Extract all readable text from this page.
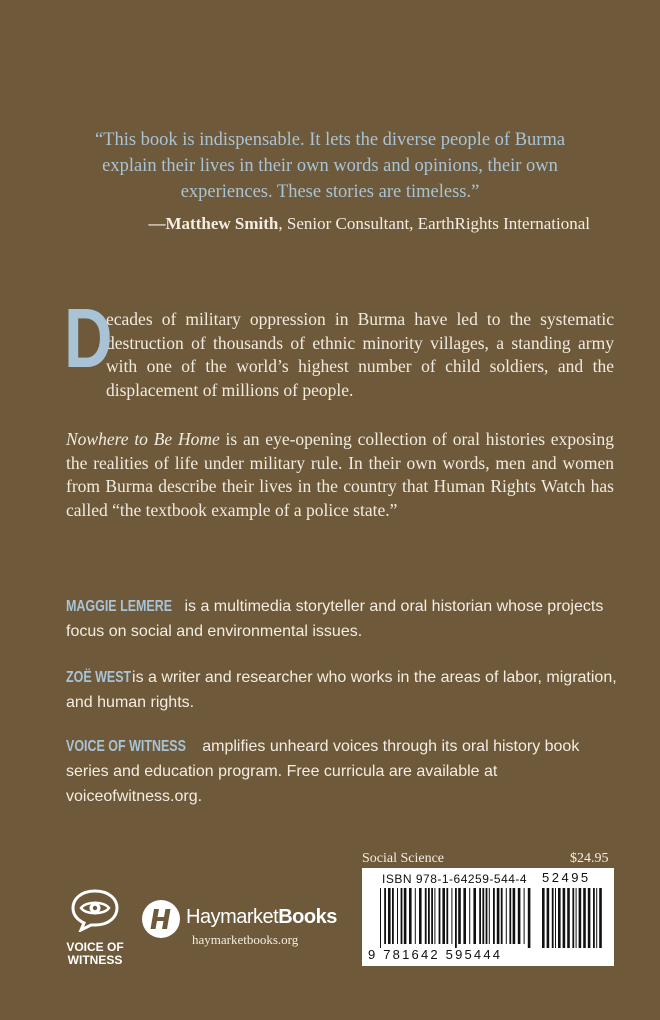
“This book is indispensable. It lets the diverse people of Burma explain their lives in their own words and opinions, their own experiences. These stories are timeless.”
—Matthew Smith, Senior Consultant, EarthRights International
D
ecades of military oppression in Burma have led to the systematic destruction of thousands of ethnic minority villages, a standing army with one of the world’s highest number of child soldiers, and the displacement of millions of people.
Nowhere to Be Home is an eye-opening collection of oral histories exposing the realities of life under military rule. In their own words, men and women from Burma describe their lives in the country that Human Rights Watch has called “the textbook example of a police state.”
MAGGIE LEMERE is a multimedia storyteller and oral historian whose projects focus on social and environmental issues.
ZOË WEST is a writer and researcher who works in the areas of labor, migration, and human rights.
VOICE OF WITNESS amplifies unheard voices through its oral history book series and education program. Free curricula are available at voiceofwitness.org.
VOICE OF
WITNESS
HaymarketBooks
haymarketbooks.org
Social Science	$24.95
ISBN 978-1-64259-544-4 52495
9 781642 595444
